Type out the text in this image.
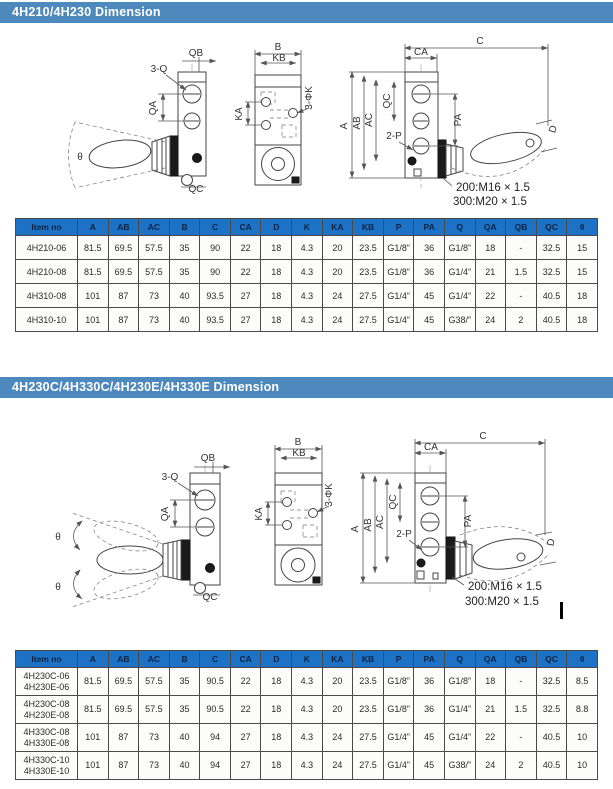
4H210/4H230 Dimension
θ
QB
3-Q
QA
QC
B
KB
3-ΦK
KA
C
CA
A AB AC
QC
PA
2-P
D
200:M16 × 1.5
300:M20 × 1.5
Item no	A	AB	AC	B	C	CA	D	K	KA	KB	P	PA	Q	QA	QB	QC	θ
4H210-06	81.5	69.5	57.5	35	90	22	18	4.3	20	23.5	G1/8”	36	G1/8”	18	-	32.5	15
4H210-08	81.5	69.5	57.5	35	90	22	18	4.3	20	23.5	G1/8”	36	G1/4”	21	1.5	32.5	15
4H310-08	101	87	73	40	93.5	27	18	4.3	24	27.5	G1/4”	45	G1/4”	22	-	40.5	18
4H310-10	101	87	73	40	93.5	27	18	4.3	24	27.5	G1/4”	45	G38/”	24	2	40.5	18
4H230C/4H330C/4H230E/4H330E Dimension
θ
θ
QB
3-Q
QA
QC
B
KB
3-ΦK
KA
C
CA
A AB AC
QC
PA
2-P
D
200:M16 × 1.5
300:M20 × 1.5
Item no	A	AB	AC	B	C	CA	D	K	KA	KB	P	PA	Q	QA	QB	QC	θ

4H230C-06
4H230E-06	81.5	69.5	57.5	35	90.5	22	18	4.3	20	23.5	G1/8”	36	G1/8”	18	-	32.5	8.5

4H230C-08
4H230E-08	81.5	69.5	57.5	35	90.5	22	18	4.3	20	23.5	G1/8”	36	G1/4”	21	1.5	32.5	8.8

4H330C-08
4H330E-08	101	87	73	40	94	27	18	4.3	24	27.5	G1/4”	45	G1/4”	22	-	40.5	10

4H330C-10
4H330E-10	101	87	73	40	94	27	18	4.3	24	27.5	G1/4”	45	G38/”	24	2	40.5	10
